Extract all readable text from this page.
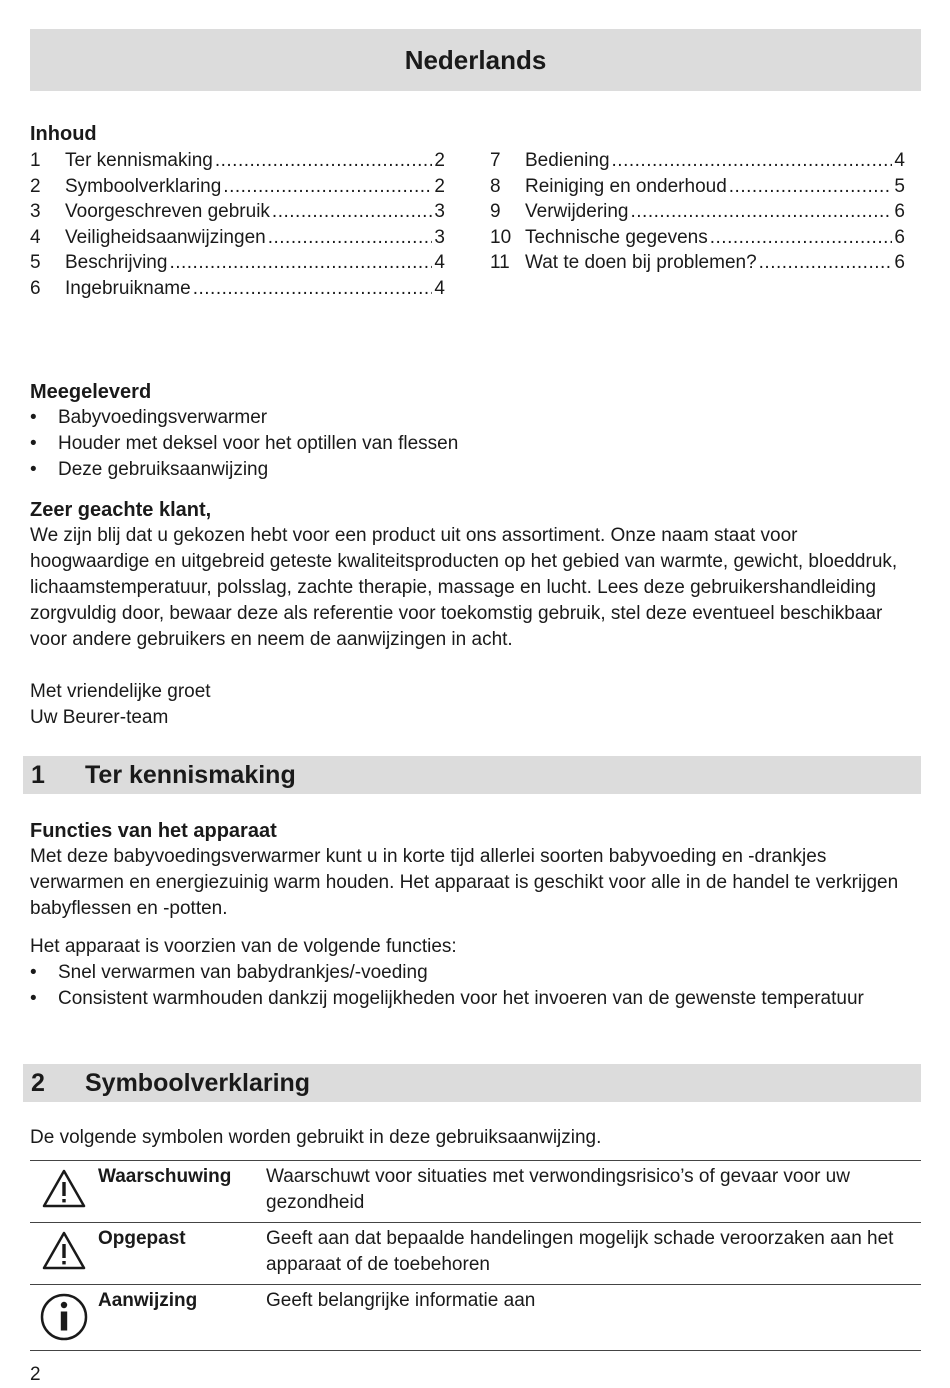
Nederlands
Inhoud
1	Ter kennismaking .....	2
2	Symboolverklaring .....	2
3	Voorgeschreven gebruik .....	3
4	Veiligheidsaanwijzingen .....	3
5	Beschrijving .....	4
6	Ingebruikname .....	4
7	Bediening .....	4
8	Reiniging en onderhoud .....	5
9	Verwijdering .....	6
10 Technische gegevens .....	6
11 Wat te doen bij problemen? .....	6
Meegeleverd
• Babyvoedingsverwarmer
• Houder met deksel voor het optillen van flessen
• Deze gebruiksaanwijzing
Zeer geachte klant,

We zijn blij dat u gekozen hebt voor een product uit ons assortiment. Onze naam staat voor hoogwaardige en uitgebreid geteste kwaliteitsproducten op het gebied van warmte, gewicht, bloeddruk, lichaamstemperatuur, polsslag, zachte therapie, massage en lucht. Lees deze gebruikershandleiding zorgvuldig door, bewaar deze als referentie voor toekomstig gebruik, stel deze eventueel beschikbaar voor andere gebruikers en neem de aanwijzingen in acht.

Met vriendelijke groet

Uw Beurer-team

1	Ter kennismaking
Functies van het apparaat

Met deze babyvoedingsverwarmer kunt u in korte tijd allerlei soorten babyvoeding en -drankjes verwarmen en energiezuinig warm houden. Het apparaat is geschikt voor alle in de handel te verkrijgen babyflessen en -potten.

Het apparaat is voorzien van de volgende functies:

• Snel verwarmen van babydrankjes/-voeding
• Consistent warmhouden dankzij mogelijkheden voor het invoeren van de gewenste temperatuur
2	Symboolverklaring

De volgende symbolen worden gebruikt in deze gebruiksaanwijzing.

Waarschuwing	Waarschuwt voor situaties met verwondingsrisico’s of gevaar voor uw gezondheid
Opgepast	Geeft aan dat bepaalde handelingen mogelijk schade veroorzaken aan het apparaat of de toebehoren
Aanwijzing	Geeft belangrijke informatie aan
2
